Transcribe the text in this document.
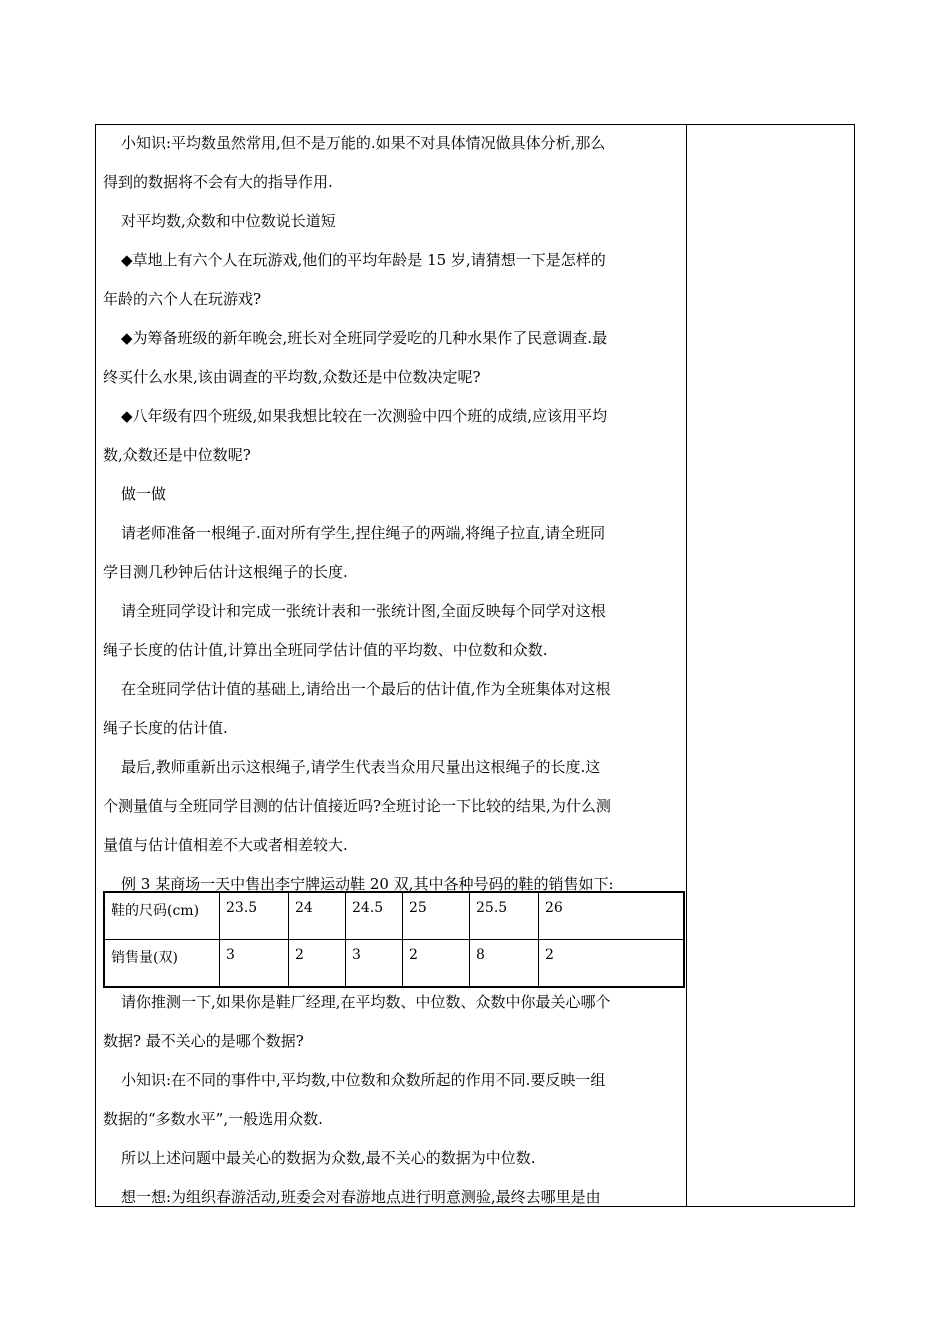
小知识:平均数虽然常用,但不是万能的.如果不对具体情况做具体分析,那么

得到的数据将不会有大的指导作用.

对平均数,众数和中位数说长道短

◆草地上有六个人在玩游戏,他们的平均年龄是 15 岁,请猜想一下是怎样的

年龄的六个人在玩游戏?

◆为筹备班级的新年晚会,班长对全班同学爱吃的几种水果作了民意调查.最

终买什么水果,该由调查的平均数,众数还是中位数决定呢?

◆八年级有四个班级,如果我想比较在一次测验中四个班的成绩,应该用平均

数,众数还是中位数呢?

做一做

请老师准备一根绳子.面对所有学生,捏住绳子的两端,将绳子拉直,请全班同

学目测几秒钟后估计这根绳子的长度.

请全班同学设计和完成一张统计表和一张统计图,全面反映每个同学对这根

绳子长度的估计值,计算出全班同学估计值的平均数、中位数和众数.

在全班同学估计值的基础上,请给出一个最后的估计值,作为全班集体对这根

绳子长度的估计值.

最后,教师重新出示这根绳子,请学生代表当众用尺量出这根绳子的长度.这

个测量值与全班同学目测的估计值接近吗?全班讨论一下比较的结果,为什么测

量值与估计值相差不大或者相差较大.

例 3 某商场一天中售出李宁牌运动鞋 20 双,其中各种号码的鞋的销售如下:

鞋的尺码(cm)	23.5	24	24.5	25	25.5	26
销售量(双)	3	2	3	2	8	2

请你推测一下,如果你是鞋厂经理,在平均数、中位数、众数中你最关心哪个

数据? 最不关心的是哪个数据?

小知识:在不同的事件中,平均数,中位数和众数所起的作用不同.要反映一组

数据的“多数水平”,一般选用众数.

所以上述问题中最关心的数据为众数,最不关心的数据为中位数.

想一想:为组织春游活动,班委会对春游地点进行明意测验,最终去哪里是由
